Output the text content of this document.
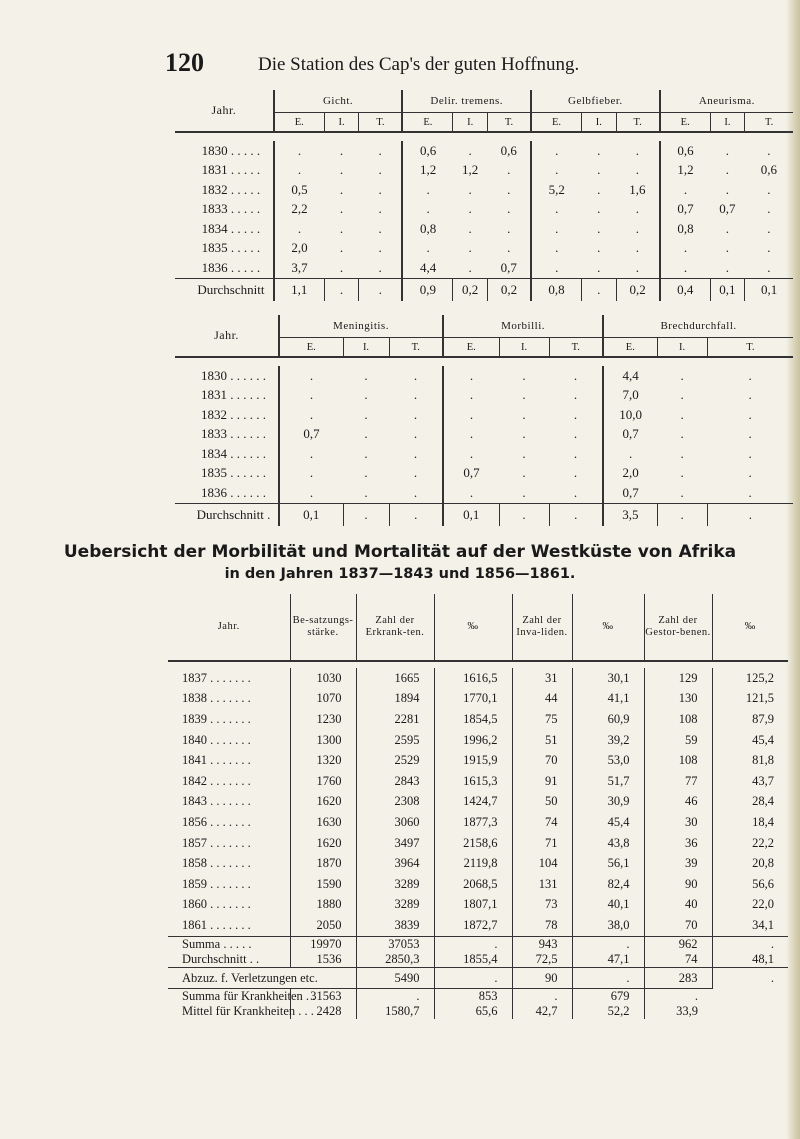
120	Die Station des Cap's der guten Hoffnung.
Jahr.	Gicht.			Delir. tremens.			Gelbfieber.			Aneurisma.		
	E.	I.	T.	E.	I.	T.	E.	I.	T.	E.	I.	T.

1830 . . . . .	.	.	.	0,6	.	0,6	.	.	.	0,6	.	.
1831 . . . . .	.	.	.	1,2	1,2	.	.	.	.	1,2	.	0,6
1832 . . . . .	0,5	.	.	.	.	.	5,2	.	1,6	.	.	.
1833 . . . . .	2,2	.	.	.	.	.	.	.	.	0,7	0,7	.
1834 . . . . .	.	.	.	0,8	.	.	.	.	.	0,8	.	.
1835 . . . . .	2,0	.	.	.	.	.	.	.	.	.	.	.
1836 . . . . .	3,7	.	.	4,4	.	0,7	.	.	.	.	.	.
Durchschnitt	1,1	.	.	0,9	0,2	0,2	0,8	.	0,2	0,4	0,1	0,1
Jahr.	Meningitis.			Morbilli.			Brechdurchfall.		
	E.	I.	T.	E.	I.	T.	E.	I.	T.

1830 . . . . . .	.	.	.	.	.	.	4,4	.	.
1831 . . . . . .	.	.	.	.	.	.	7,0	.	.
1832 . . . . . .	.	.	.	.	.	.	10,0	.	.
1833 . . . . . .	0,7	.	.	.	.	.	0,7	.	.
1834 . . . . . .	.	.	.	.	.	.	.	.	.
1835 . . . . . .	.	.	.	0,7	.	.	2,0	.	.
1836 . . . . . .	.	.	.	.	.	.	0,7	.	.
Durchschnitt .	0,1	.	.	0,1	.	.	3,5	.	.
Uebersicht der Morbilität und Mortalität auf der Westküste von Afrika
in den Jahren 1837—1843 und 1856—1861.
Jahr.	Be-satzungs-stärke.	Zahl der Erkrank-ten.	‰	Zahl der Inva-liden.	‰	Zahl der Gestor-benen.	‰

1837 . . . . . . .	1030	1665	1616,5	31	30,1	129	125,2
1838 . . . . . . .	1070	1894	1770,1	44	41,1	130	121,5
1839 . . . . . . .	1230	2281	1854,5	75	60,9	108	87,9
1840 . . . . . . .	1300	2595	1996,2	51	39,2	59	45,4
1841 . . . . . . .	1320	2529	1915,9	70	53,0	108	81,8
1842 . . . . . . .	1760	2843	1615,3	91	51,7	77	43,7
1843 . . . . . . .	1620	2308	1424,7	50	30,9	46	28,4
1856 . . . . . . .	1630	3060	1877,3	74	45,4	30	18,4
1857 . . . . . . .	1620	3497	2158,6	71	43,8	36	22,2
1858 . . . . . . .	1870	3964	2119,8	104	56,1	39	20,8
1859 . . . . . . .	1590	3289	2068,5	131	82,4	90	56,6
1860 . . . . . . .	1880	3289	1807,1	73	40,1	40	22,0
1861 . . . . . . .	2050	3839	1872,7	78	38,0	70	34,1
Summa . . . . .	19970	37053	.	943	.	962	.
Durchschnitt . .	1536	2850,3	1855,4	72,5	47,1	74	48,1
Abzuz. f. Verletzungen etc.		5490	.	90	.	283	.
Summa für Krankheiten . .	31563	.	853	.	679	.	
Mittel für Krankheiten . . .	2428	1580,7	65,6	42,7	52,2	33,9	
